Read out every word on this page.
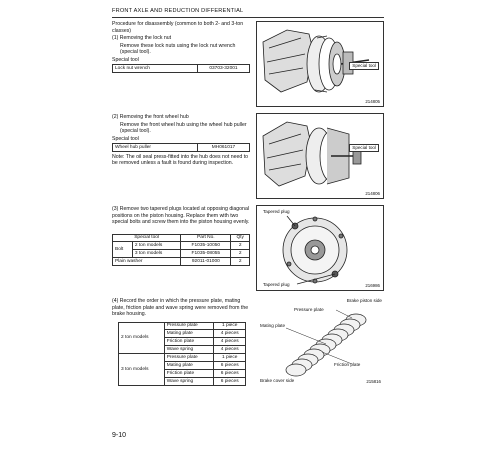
FRONT AXLE AND REDUCTION DIFFERENTIAL
Procedure for disassembly (common to both 2- and 3-ton classes)
(1) Removing the lock nut
Remove these lock nuts using the lock nut wrench (special tool).
Special tool
Lock nut wrench	03703-32001	Special tool
214805
(2) Removing the front wheel hub
Remove the front wheel hub using the wheel hub puller (special tool).
Special tool
Wheel hub puller	MH061017
Note: The oil seal press-fitted into the hub does not need to be removed unless a fault is found during inspection.
Special tool
214806
(3) Remove two tapered plugs located at opposing diagonal positions on the piston housing. Replace them with two special bolts and screw them into the piston housing evenly.
Special tool		Part No.	Qty
Bolt	2 ton models	F1035-10050	2
	3 ton models	F1035-08055	2
Plain washer		92011-01000	2
Tapered plug
Tapered plug	216986
(4) Record the order in which the pressure plate, mating plate, friction plate and wave spring were removed from the brake housing.
2 ton models	Pressure plate	1 piece
	Mating plate	4 pieces
	Friction plate	4 pieces
	Wave spring	4 pieces
3 ton models	Pressure plate	1 piece
	Mating plate	6 pieces
	Friction plate	6 pieces
	Wave spring	6 pieces
Brake piston side
Pressure plate
Mating plate
Friction plate
Brake cover side	215816
9-10
